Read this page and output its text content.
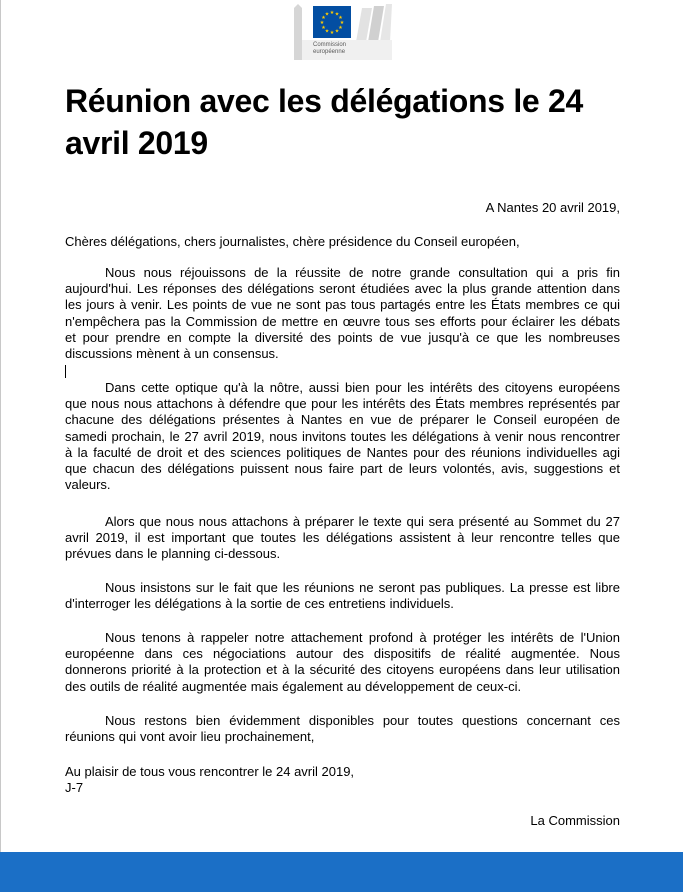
★ ★
★
★
★
★
★
★
★
★
★
★
Commission
européenne
Réunion avec les délégations le 24 avril 2019
A Nantes 20 avril 2019,
Chères délégations, chers journalistes, chère présidence du Conseil européen,

Nous nous réjouissons de la réussite de notre grande consultation qui a pris fin aujourd'hui. Les réponses des délégations seront étudiées avec la plus grande attention dans les jours à venir. Les points de vue ne sont pas tous partagés entre les États membres ce qui n'empêchera pas la Commission de mettre en œuvre tous ses efforts pour éclairer les débats et pour prendre en compte la diversité des points de vue jusqu'à ce que les nombreuses discussions mènent à un consensus.

Dans cette optique qu'à la nôtre, aussi bien pour les intérêts des citoyens européens que nous nous attachons à défendre que pour les intérêts des États membres représentés par chacune des délégations présentes à Nantes en vue de préparer le Conseil européen de samedi prochain, le 27 avril 2019, nous invitons toutes les délégations à venir nous rencontrer à la faculté de droit et des sciences politiques de Nantes pour des réunions individuelles agi que chacun des délégations puissent nous faire part de leurs volontés, avis, suggestions et valeurs.

Alors que nous nous attachons à préparer le texte qui sera présenté au Sommet du 27 avril 2019, il est important que toutes les délégations assistent à leur rencontre telles que prévues dans le planning ci-dessous.

Nous insistons sur le fait que les réunions ne seront pas publiques. La presse est libre d'interroger les délégations à la sortie de ces entretiens individuels.

Nous tenons à rappeler notre attachement profond à protéger les intérêts de l'Union européenne dans ces négociations autour des dispositifs de réalité augmentée. Nous donnerons priorité à la protection et à la sécurité des citoyens européens dans leur utilisation des outils de réalité augmentée mais également au développement de ceux-ci.

Nous restons bien évidemment disponibles pour toutes questions concernant ces réunions qui vont avoir lieu prochainement,

Au plaisir de tous vous rencontrer le 24 avril 2019,
J-7
La Commission
